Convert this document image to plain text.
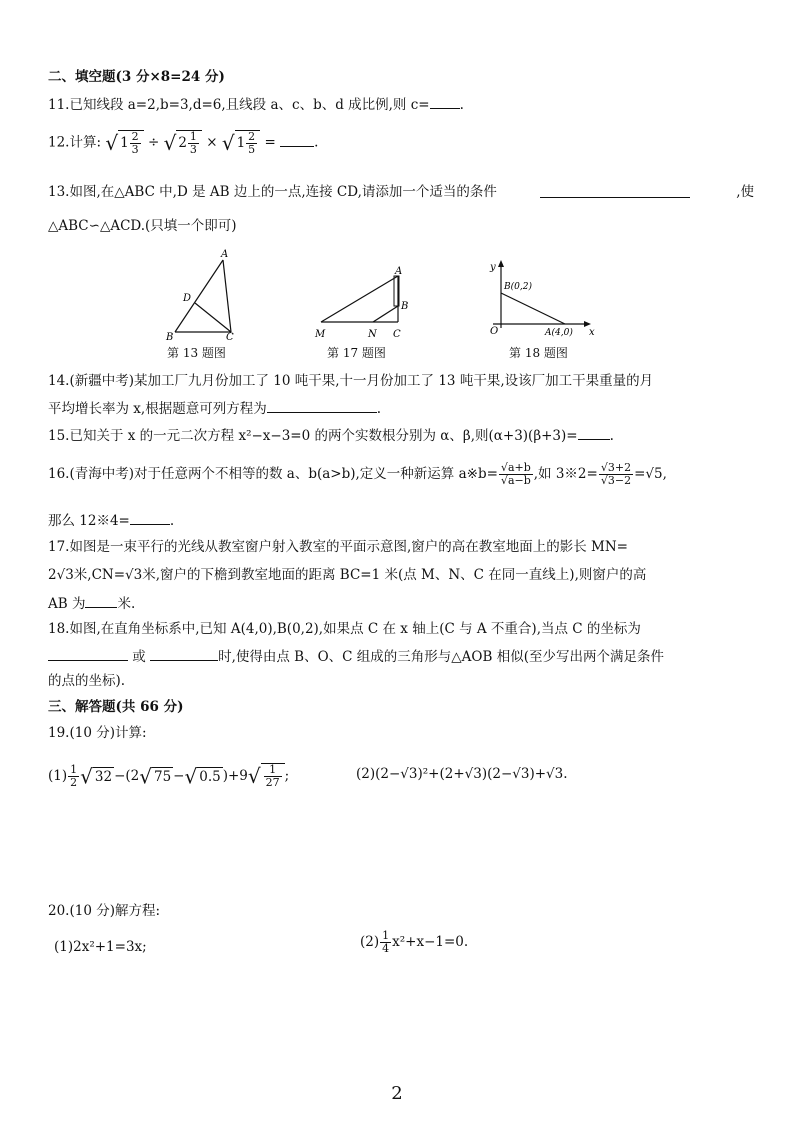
二、填空题(3 分×8=24 分)
11.已知线段 a=2,b=3,d=6,且线段 a、c、b、d 成比例,则 c= .
12.计算: √ $1 \frac{2}{3}$ ÷ √ $2 \frac{1}{3}$ × √ $1 \frac{2}{5}$ =	.
13.如图,在△ABC 中,D 是 AB 边上的一点,连接 CD,请添加一个适当的条件	,使
△ABC∽△ACD.(只填一个即可)
A
D
B	C
第 13 题图
A
B
M	N C
第 17 题图
y
B(0,2)
O	A(4,0) x
第 18 题图
14.(新疆中考)某加工厂九月份加工了 10 吨干果,十一月份加工了 13 吨干果,设该厂加工干果重量的月
平均增长率为 x,根据题意可列方程为	.
15.已知关于 x 的一元二次方程 x²−x−3=0 的两个实数根分别为 α、β,则(α+3)(β+3)= .
16.(青海中考)对于任意两个不相等的数 a、b(a>b),定义一种新运算 a※b= $\frac{√a+b}{√a-b}$ ,如 3※2= $\frac{√3+2}{√3-2} =√5$,
那么 12※4=	.
17.如图是一束平行的光线从教室窗户射入教室的平面示意图,窗户的高在教室地面上的影长 MN=
2√3米,CN=√3米,窗户的下檐到教室地面的距离 BC=1 米(点 M、N、C 在同一直线上),则窗户的高
AB 为 米.
18.如图,在直角坐标系中,已知 A(4,0),B(0,2),如果点 C 在 x 轴上(C 与 A 不重合),当点 C 的坐标为
或	时,使得由点 B、O、C 组成的三角形与△AOB 相似(至少写出两个满足条件
的点的坐标).
三、解答题(共 66 分)
19.(10 分)计算:
$(1) \frac{1}{2}$ √ 32 −(2√ 75 −√ 0.5 )$+9√ \frac{1}{27}$ ;	(2)(2−√3)²+(2+√3)(2−√3)+√3.
20.(10 分)解方程:
(1)2x²+1=3x;	$(2) \frac{1}{4} x^2+x-1=0$.
2
